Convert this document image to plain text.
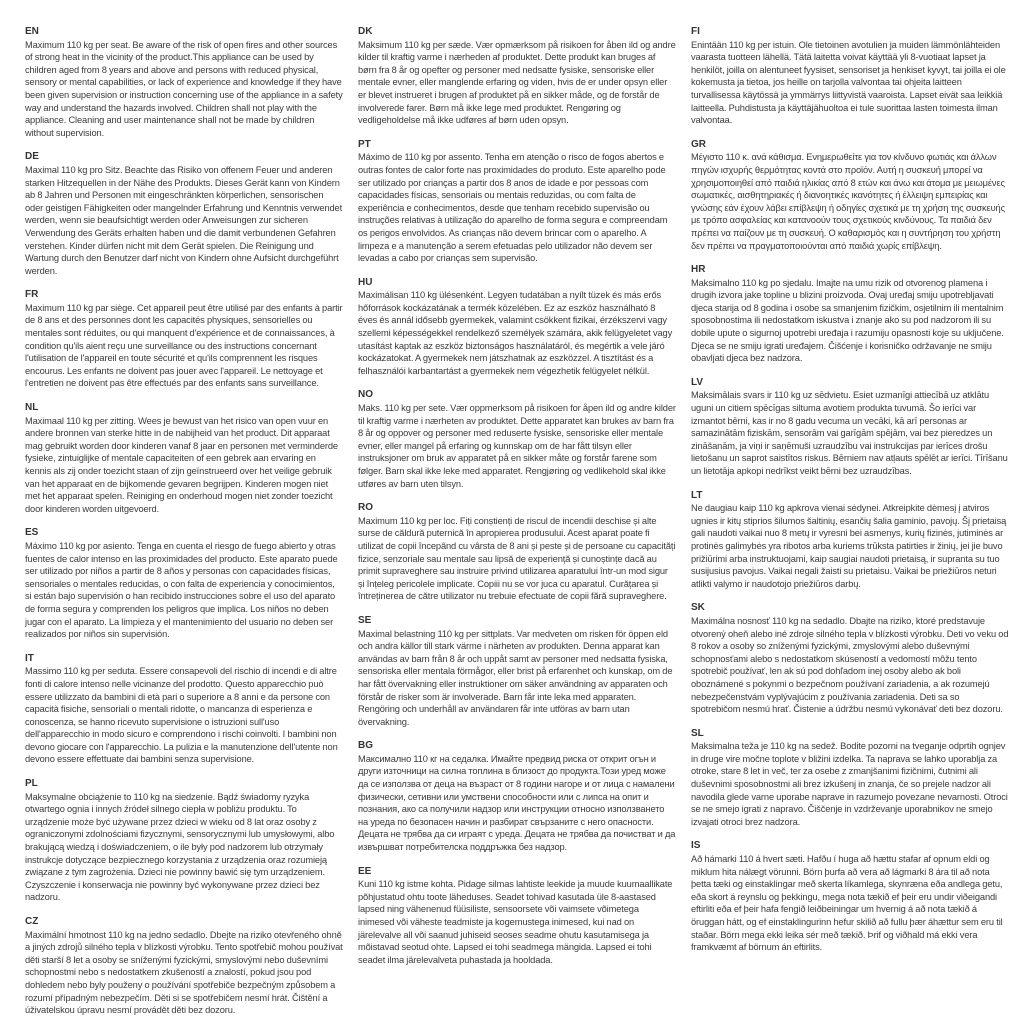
EN

Maximum 110 kg per seat. Be aware of the risk of open fires and other sources of strong heat in the vicinity of the product.This appliance can be used by children aged from 8 years and above and persons with reduced physical, sensory or mental capabilities, or lack of experience and knowledge if they have been given supervision or instruction concerning use of the appliance in a safety way and understand the hazards involved. Children shall not play with the appliance. Cleaning and user maintenance shall not be made by children without supervision.

DE

Maximal 110 kg pro Sitz. Beachte das Risiko von offenem Feuer und anderen starken Hitzequellen in der Nähe des Produkts. Dieses Gerät kann von Kindern ab 8 Jahren und Personen mit eingeschränkten körperlichen, sensorischen oder geistigen Fähigkeiten oder mangelnder Erfahrung und Kenntnis verwendet werden, wenn sie beaufsichtigt werden oder Anweisungen zur sicheren Verwendung des Geräts erhalten haben und die damit verbundenen Gefahren verstehen. Kinder dürfen nicht mit dem Gerät spielen. Die Reinigung und Wartung durch den Benutzer darf nicht von Kindern ohne Aufsicht durchgeführt werden.

FR

Maximum 110 kg par siège. Cet appareil peut être utilisé par des enfants à partir de 8 ans et des personnes dont les capacités physiques, sensorielles ou mentales sont réduites, ou qui manquent d'expérience et de connaissances, à condition qu'ils aient reçu une surveillance ou des instructions concernant l'utilisation de l'appareil en toute sécurité et qu'ils comprennent les risques encourus. Les enfants ne doivent pas jouer avec l'appareil. Le nettoyage et l'entretien ne doivent pas être effectués par des enfants sans surveillance.

NL

Maximaal 110 kg per zitting. Wees je bewust van het risico van open vuur en andere bronnen van sterke hitte in de nabijheid van het product. Dit apparaat mag gebruikt worden door kinderen vanaf 8 jaar en personen met verminderde fysieke, zintuiglijke of mentale capaciteiten of een gebrek aan ervaring en kennis als zij onder toezicht staan of zijn geïnstrueerd over het veilige gebruik van het apparaat en de bijkomende gevaren begrijpen. Kinderen mogen niet met het apparaat spelen. Reiniging en onderhoud mogen niet zonder toezicht door kinderen worden uitgevoerd.

ES

Máximo 110 kg por asiento. Tenga en cuenta el riesgo de fuego abierto y otras fuentes de calor intenso en las proximidades del producto. Este aparato puede ser utilizado por niños a partir de 8 años y personas con capacidades físicas, sensoriales o mentales reducidas, o con falta de experiencia y conocimientos, si están bajo supervisión o han recibido instrucciones sobre el uso del aparato de forma segura y comprenden los peligros que implica. Los niños no deben jugar con el aparato. La limpieza y el mantenimiento del usuario no deben ser realizados por niños sin supervisión.

IT

Massimo 110 kg per seduta. Essere consapevoli del rischio di incendi e di altre fonti di calore intenso nelle vicinanze del prodotto. Questo apparecchio può essere utilizzato da bambini di età pari o superiore a 8 anni e da persone con capacità fisiche, sensoriali o mentali ridotte, o mancanza di esperienza e conoscenza, se hanno ricevuto supervisione o istruzioni sull'uso dell'apparecchio in modo sicuro e comprendono i rischi coinvolti. I bambini non devono giocare con l'apparecchio. La pulizia e la manutenzione dell'utente non devono essere effettuate dai bambini senza supervisione.

PL

Maksymalne obciążenie to 110 kg na siedzenie. Bądź świadomy ryzyka otwartego ognia i innych źródeł silnego ciepła w pobliżu produktu. To urządzenie może być używane przez dzieci w wieku od 8 lat oraz osoby z ograniczonymi zdolnościami fizycznymi, sensorycznymi lub umysłowymi, albo brakującą wiedzą i doświadczeniem, o ile były pod nadzorem lub otrzymały instrukcje dotyczące bezpiecznego korzystania z urządzenia oraz rozumieją związane z tym zagrożenia. Dzieci nie powinny bawić się tym urządzeniem. Czyszczenie i konserwacja nie powinny być wykonywane przez dzieci bez nadzoru.

CZ

Maximální hmotnost 110 kg na jedno sedadlo. Dbejte na riziko otevřeného ohně a jiných zdrojů silného tepla v blízkosti výrobku. Tento spotřebič mohou používat děti starší 8 let a osoby se sníženými fyzickými, smyslovými nebo duševními schopnostmi nebo s nedostatkem zkušeností a znalostí, pokud jsou pod dohledem nebo byly použeny o používání spotřebiče bezpečným způsobem a rozumí případným nebezpečím. Děti si se spotřebičem nesmí hrát. Čištění a úživatelskou úpravu nesmí provádět děti bez dozoru.

DK

Maksimum 110 kg per sæde. Vær opmærksom på risikoen for åben ild og andre kilder til kraftig varme i nærheden af produktet. Dette produkt kan bruges af børn fra 8 år og opefter og personer med nedsatte fysiske, sensoriske eller mentale evner, eller manglende erfaring og viden, hvis de er under opsyn eller er blevet instrueret i brugen af produktet på en sikker måde, og de forstår de involverede farer. Børn må ikke lege med produktet. Rengøring og vedligeholdelse må ikke udføres af børn uden opsyn.

PT

Máximo de 110 kg por assento. Tenha em atenção o risco de fogos abertos e outras fontes de calor forte nas proximidades do produto. Este aparelho pode ser utilizado por crianças a partir dos 8 anos de idade e por pessoas com capacidades físicas, sensoriais ou mentais reduzidas, ou com falta de experiência e conhecimentos, desde que tenham recebido supervisão ou instruções relativas à utilização do aparelho de forma segura e compreendam os perigos envolvidos. As crianças não devem brincar com o aparelho. A limpeza e a manutenção a serem efetuadas pelo utilizador não devem ser levadas a cabo por crianças sem supervisão.

HU

Maximálisan 110 kg ülésenként. Legyen tudatában a nyílt tüzek és más erős hőforrások kockázatának a termék közelében. Ez az eszköz használható 8 éves és annál idősebb gyermekek, valamint csökkent fizikai, érzékszervi vagy szellemi képességekkel rendelkező személyek számára, akik felügyeletet vagy utasítást kaptak az eszköz biztonságos használatáról, és megértik a vele járó kockázatokat. A gyermekek nem játszhatnak az eszközzel. A tisztítást és a felhasználói karbantartást a gyermekek nem végezhetik felügyelet nélkül.

NO

Maks. 110 kg per sete. Vær oppmerksom på risikoen for åpen ild og andre kilder til kraftig varme i nærheten av produktet. Dette apparatet kan brukes av barn fra 8 år og oppover og personer med reduserte fysiske, sensoriske eller mentale evner, eller mangel på erfaring og kunnskap om de har fått tilsyn eller instruksjoner om bruk av apparatet på en sikker måte og forstår farene som følger. Barn skal ikke leke med apparatet. Rengjøring og vedlikehold skal ikke utføres av barn uten tilsyn.

RO

Maximum 110 kg per loc. Fiți conștienți de riscul de incendii deschise și alte surse de căldură puternică în apropierea produsului. Acest aparat poate fi utilizat de copii începând cu vârsta de 8 ani și peste și de persoane cu capacități fizice, senzoriale sau mentale sau lipsă de experiență și cunoștințe dacă au primit supraveghere sau instruire privind utilizarea aparatului într-un mod sigur și înțeleg pericolele implicate. Copiii nu se vor juca cu aparatul. Curățarea și întreținerea de către utilizator nu trebuie efectuate de copii fără supraveghere.

SE

Maximal belastning 110 kg per sittplats. Var medveten om risken för öppen eld och andra källor till stark värme i närheten av produkten. Denna apparat kan användas av barn från 8 år och uppåt samt av personer med nedsatta fysiska, sensoriska eller mentala förmågor, eller brist på erfarenhet och kunskap, om de har fått övervakning eller instruktioner om säker användning av apparaten och förstår de risker som är involverade. Barn får inte leka med apparaten. Rengöring och underhåll av användaren får inte utföras av barn utan övervakning.

BG

Максимално 110 кг на седалка. Имайте предвид риска от открит огън и други източници на силна топлина в близост до продукта.Този уред може да се използва от деца на възраст от 8 години нагоре и от лица с намалени физически, сетивни или умствени способности или с липса на опит и познания, ако са получили надзор или инструкции относно използването на уреда по безопасен начин и разбират свързаните с него опасности. Децата не трябва да си играят с уреда. Децата не трябва да почистват и да извършват потребителска поддръжка без надзор.

EE

Kuni 110 kg istme kohta. Pidage silmas lahtiste leekide ja muude kuumaallikate põhjustatud ohtu toote läheduses. Seadet tohivad kasutada üle 8-aastased lapsed ning vähenenud füüsiliste, sensoorsete või vaimsete võimetega inimesed või väheste teadmiste ja kogemustega inimesed, kui nad on järelevalve all või saanud juhiseid seoses seadme ohutu kasutamisega ja mõistavad seotud ohte. Lapsed ei tohi seadmega mängida. Lapsed ei tohi seadet ilma järelevalveta puhastada ja hooldada.

FI

Enintään 110 kg per istuin. Ole tietoinen avotulien ja muiden lämmönlähteiden vaarasta tuotteen lähellä. Tätä laitetta voivat käyttää yli 8-vuotiaat lapset ja henkilöt, joilla on alentuneet fyysiset, sensoriset ja henkiset kyvyt, tai joilla ei ole kokemusta ja tietoa, jos heille on tarjolla valvontaa tai ohjeita laitteen turvallisessa käytössä ja ymmärrys liittyvistä vaaroista. Lapset eivät saa leikkiä laitteella. Puhdistusta ja käyttäjähuoltoa ei tule suorittaa lasten toimesta ilman valvontaa.

GR

Μέγιστο 110 κ. ανά κάθισμα. Ενημερωθείτε για τον κίνδυνο φωτιάς και άλλων πηγών ισχυρής θερμότητας κοντά στο προϊόν. Αυτή η συσκευή μπορεί να χρησιμοποιηθεί από παιδιά ηλικίας από 8 ετών και άνω και άτομα με μειωμένες σωματικές, αισθητηριακές ή διανοητικές ικανότητες ή έλλειψη εμπειρίας και γνώσης εάν έχουν λάβει επίβλεψη ή οδηγίες σχετικά με τη χρήση της συσκευής με τρόπο ασφαλείας και κατανοούν τους σχετικούς κινδύνους. Τα παιδιά δεν πρέπει να παίζουν με τη συσκευή. Ο καθαρισμός και η συντήρηση του χρήστη δεν πρέπει να πραγματοποιούνται από παιδιά χωρίς επίβλεψη.

HR

Maksimalno 110 kg po sjedalu. Imajte na umu rizik od otvorenog plamena i drugih izvora jake topline u blizini proizvoda. Ovaj uređaj smiju upotrebljavati djeca starija od 8 godina i osobe sa smanjenim fizičkim, osjetilnim ili mentalnim sposobnostima ili nedostatkom iskustva i znanje ako su pod nadzorom ili su dobile upute o sigurnoj upotrebi uređaja i razumiju opasnosti koje su uključene. Djeca se ne smiju igrati uređajem. Čišćenje i korisničko održavanje ne smiju obavljati djeca bez nadzora.

LV

Maksimālais svars ir 110 kg uz sēdvietu. Esiet uzmanīgi attiecībā uz atklātu uguni un citiem spēcīgas siltuma avotiem produkta tuvumā. Šo ierīci var izmantot bērni, kas ir no 8 gadu vecuma un vecāki, kā arī personas ar samazinātām fiziskām, sensorām vai garīgām spējām, vai bez pieredzes un zināšanām, ja viņi ir saņēmuši uzraudzību vai instrukcijas par ierīces drošu lietošanu un saprot saistītos riskus. Bērniem nav atļauts spēlēt ar ierīci. Tīrīšanu un lietotāja apkopi nedrīkst veikt bērni bez uzraudzības.

LT

Ne daugiau kaip 110 kg apkrova vienai sėdynei. Atkreipkite dėmesį į atviros ugnies ir kitų stiprios šilumos šaltinių, esančių šalia gaminio, pavojų. Šį prietaisą gali naudoti vaikai nuo 8 metų ir vyresni bei asmenys, kurių fizinės, jutiminės ar protinės galimybės yra ribotos arba kuriems trūksta patirties ir žinių, jei jie buvo prižiūrimi arba instruktuojami, kaip saugiai naudoti prietaisą, ir supranta su tuo susijusius pavojus. Vaikai negali žaisti su prietaisu. Vaikai be priežiūros neturi atlikti valymo ir naudotojo priežiūros darbų.

SK

Maximálna nosnosť 110 kg na sedadlo. Dbajte na riziko, ktoré predstavuje otvorený oheň alebo iné zdroje silného tepla v blízkosti výrobku. Deti vo veku od 8 rokov a osoby so zníženými fyzickými, zmyslovými alebo duševnými schopnosťami alebo s nedostatkom skúseností a vedomostí môžu tento spotrebič používať, len ak sú pod dohľadom inej osoby alebo ak boli oboznámené s pokynmi o bezpečnom používaní zariadenia, a ak rozumejú nebezpečenstvám vyplývajúcim z používania zariadenia. Deti sa so spotrebičom nesmú hrať. Čistenie a údržbu nesmú vykonávať deti bez dozoru.

SL

Maksimalna teža je 110 kg na sedež. Bodite pozorni na tveganje odprtih ognjev in druge vire močne toplote v bližini izdelka. Ta naprava se lahko uporablja za otroke, stare 8 let in več, ter za osebe z zmanjšanimi fizičnimi, čutnimi ali duševnimi sposobnostmi ali brez izkušenj in znanja, če so prejele nadzor ali navodila glede varne uporabe naprave in razumejo povezane nevarnosti. Otroci se ne smejo igrati z napravo. Čiščenje in vzdrževanje uporabnikov ne smejo izvajati otroci brez nadzora.

IS

Að hámarki 110 á hvert sæti. Hafðu í huga að hættu stafar af opnum eldi og miklum hita nálægt vörunni. Börn þurfa að vera að lágmarki 8 ára til að nota þetta tæki og einstaklingar með skerta líkamlega, skynræna eða andlega getu, eða skort á reynslu og þekkingu, mega nota tækið ef þeir eru undir viðeigandi eftirliti eða ef þeir hafa fengið leiðbeiningar um hvernig á að nota tækið á öruggan hátt, og ef einstaklingurinn hefur skilið að fullu þær áhættur sem eru til staðar. Börn mega ekki leika sér með tækið. Þrif og viðhald má ekki vera framkvæmt af börnum án eftirlits.
